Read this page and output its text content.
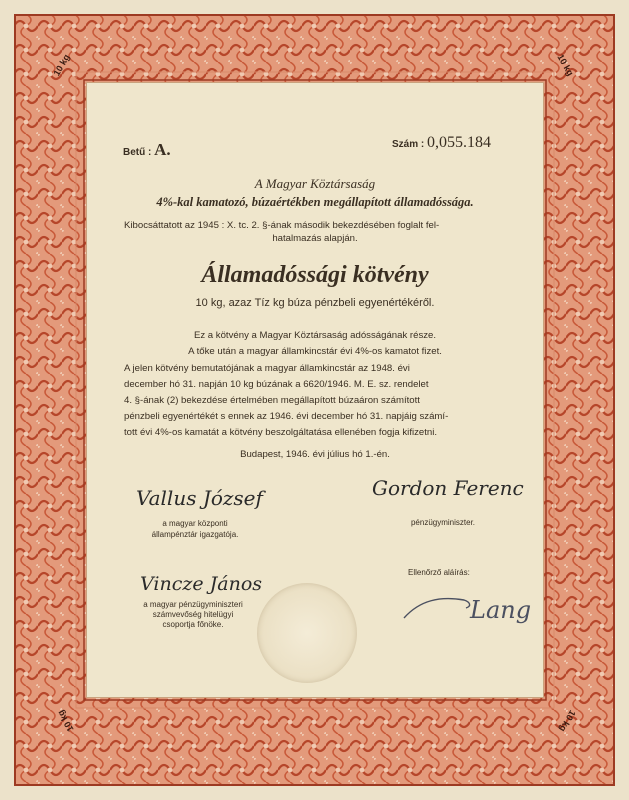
10 kg	10 kg
10 kg	10 kg
Betű : A.	Szám : 0,055.184
A Magyar Köztársaság
4%-kal kamatozó, búzaértékben megállapított államadóssága.
Kibocsáttatott az 1945 : X. tc. 2. §-ának második bekezdésében foglalt fel-
hatalmazás alapján.
Államadóssági kötvény
10 kg, azaz Tíz kg búza pénzbeli egyenértékéről.
Ez a kötvény a Magyar Köztársaság adósságának része.
A tőke után a magyar államkincstár évi 4%-os kamatot fizet.
A jelen kötvény bemutatójának a magyar államkincstár az 1948. évi
december hó 31. napján 10 kg búzának a 6620/1946. M. E. sz. rendelet
4. §-ának (2) bekezdése értelmében megállapított búzaáron számított
pénzbeli egyenértékét s ennek az 1946. évi december hó 31. napjáig számí-
tott évi 4%-os kamatát a kötvény beszolgáltatása ellenében fogja kifizetni.
Budapest, 1946. évi július hó 1.-én.
Vallus József
a magyar központi
állampénztár igazgatója.
Gordon Ferenc
pénzügyminiszter.
Vincze János
a magyar pénzügyminiszteri
számvevőség hitelügyi
csoportja főnöke.
Ellenőrző aláírás:
Lang
